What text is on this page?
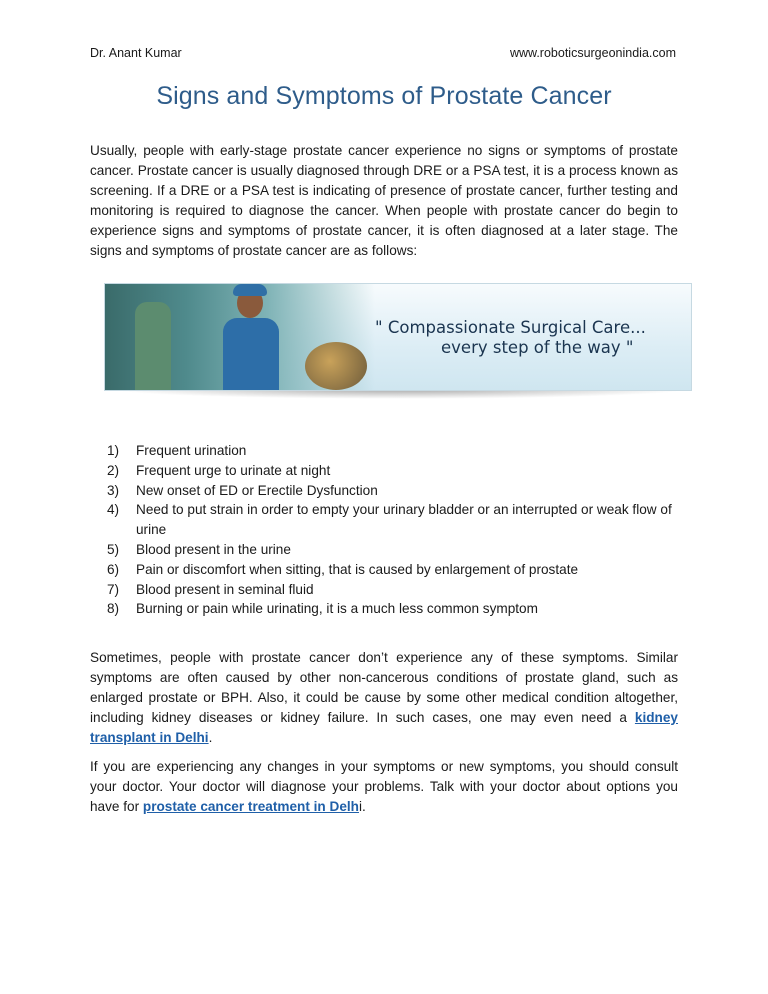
Dr. Anant Kumar	www.roboticsurgeonindia.com
Signs and Symptoms of Prostate Cancer

Usually, people with early-stage prostate cancer experience no signs or symptoms of prostate cancer. Prostate cancer is usually diagnosed through DRE or a PSA test, it is a process known as screening. If a DRE or a PSA test is indicating of presence of prostate cancer, further testing and monitoring is required to diagnose the cancer. When people with prostate cancer do begin to experience signs and symptoms of prostate cancer, it is often diagnosed at a later stage. The signs and symptoms of prostate cancer are as follows:

" Compassionate Surgical Care...
every step of the way "
1) Frequent urination
2) Frequent urge to urinate at night
3) New onset of ED or Erectile Dysfunction
4) Need to put strain in order to empty your urinary bladder or an interrupted or weak flow of urine
5) Blood present in the urine
6) Pain or discomfort when sitting, that is caused by enlargement of prostate
7) Blood present in seminal fluid
8) Burning or pain while urinating, it is a much less common symptom

Sometimes, people with prostate cancer don’t experience any of these symptoms. Similar symptoms are often caused by other non-cancerous conditions of prostate gland, such as enlarged prostate or BPH. Also, it could be cause by some other medical condition altogether, including kidney diseases or kidney failure. In such cases, one may even need a kidney transplant in Delhi.

If you are experiencing any changes in your symptoms or new symptoms, you should consult your doctor. Your doctor will diagnose your problems. Talk with your doctor about options you have for prostate cancer treatment in Delhi.
